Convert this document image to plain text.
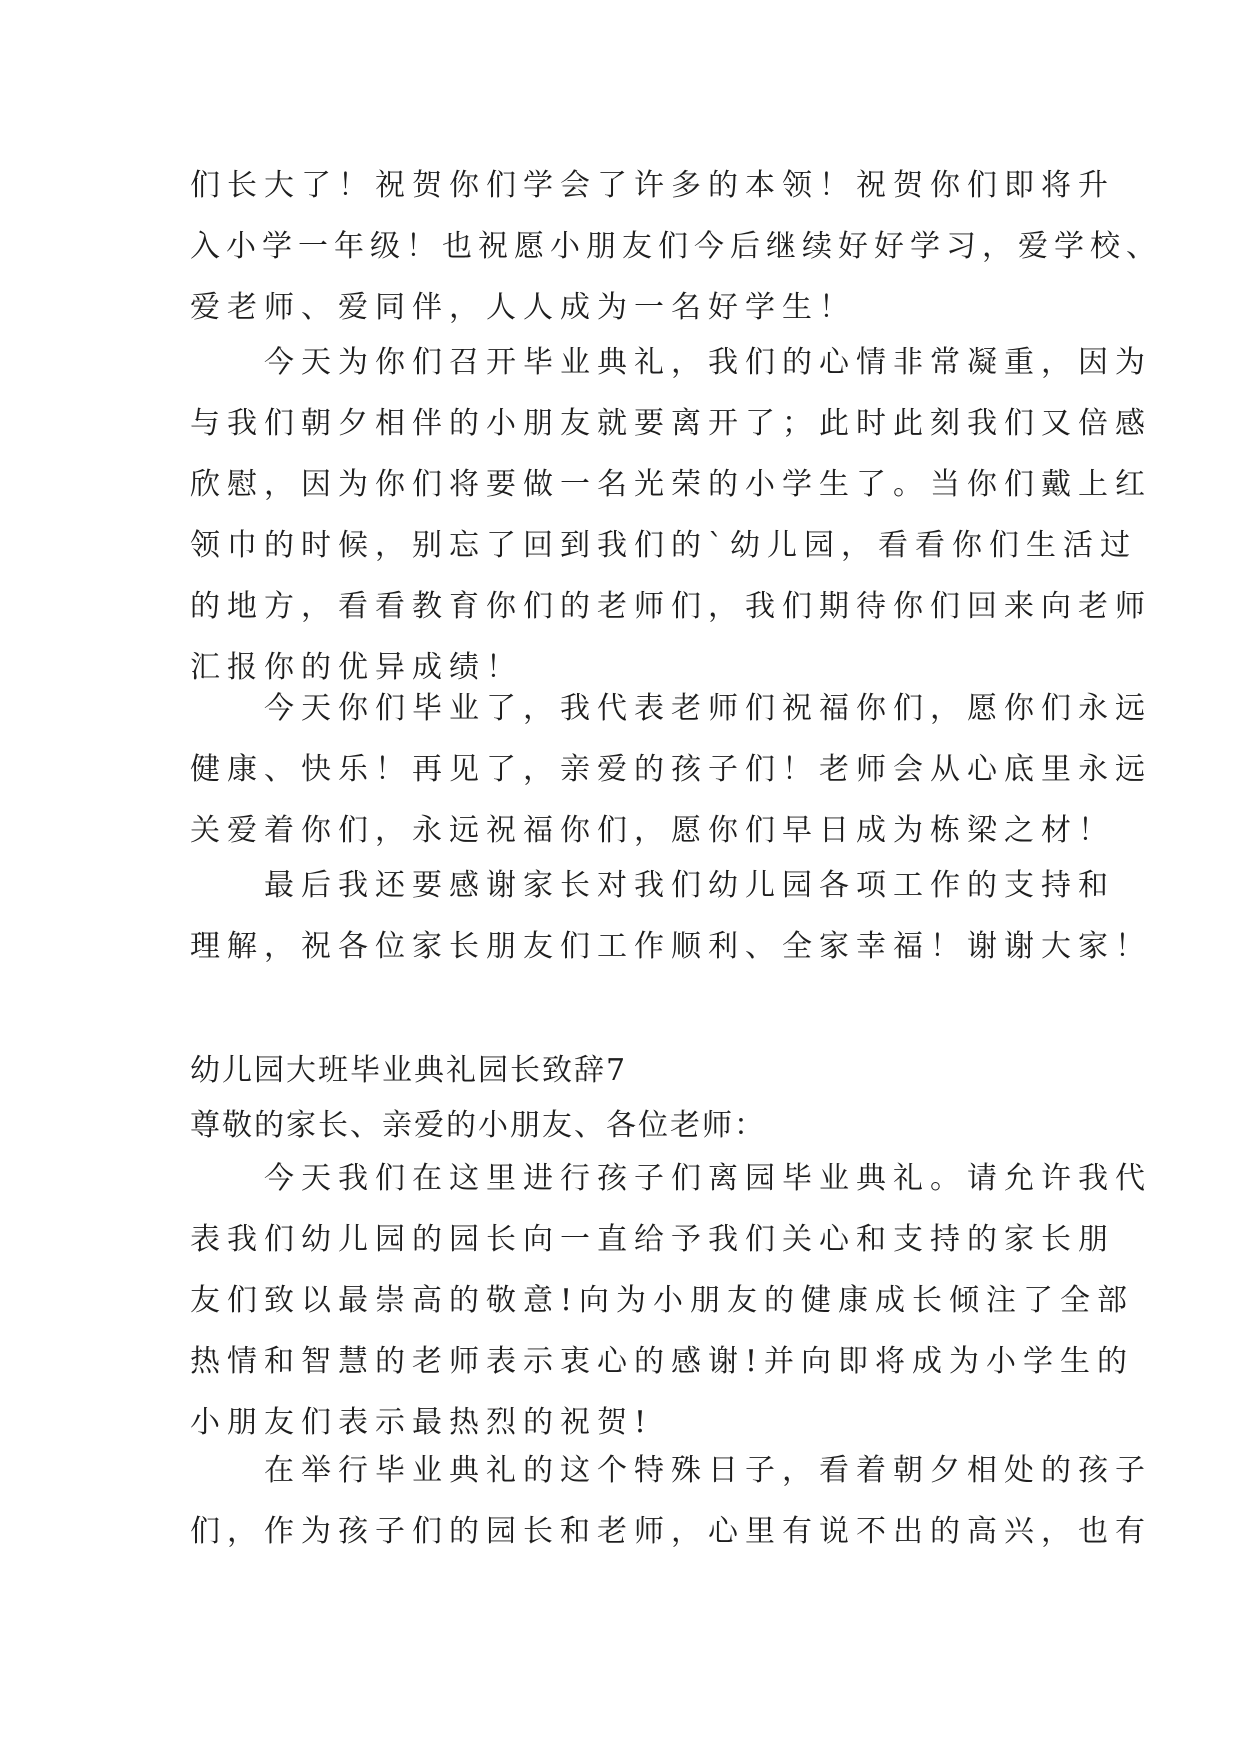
们长大了！祝贺你们学会了许多的本领！祝贺你们即将升
入小学一年级！也祝愿小朋友们今后继续好好学习，爱学校、
爱老师、爱同伴，人人成为一名好学生！
　　今天为你们召开毕业典礼，我们的心情非常凝重，因为
与我们朝夕相伴的小朋友就要离开了；此时此刻我们又倍感
欣慰，因为你们将要做一名光荣的小学生了。当你们戴上红
领巾的时候，别忘了回到我们的`幼儿园，看看你们生活过
的地方，看看教育你们的老师们，我们期待你们回来向老师
汇报你的优异成绩！
　　今天你们毕业了，我代表老师们祝福你们，愿你们永远
健康、快乐！再见了，亲爱的孩子们！老师会从心底里永远
关爱着你们，永远祝福你们，愿你们早日成为栋梁之材！
　　最后我还要感谢家长对我们幼儿园各项工作的支持和
理解，祝各位家长朋友们工作顺利、全家幸福！谢谢大家！
幼儿园大班毕业典礼园长致辞7
尊敬的家长、亲爱的小朋友、各位老师：
　　今天我们在这里进行孩子们离园毕业典礼。请允许我代
表我们幼儿园的园长向一直给予我们关心和支持的家长朋
友们致以最崇高的敬意!向为小朋友的健康成长倾注了全部
热情和智慧的老师表示衷心的感谢!并向即将成为小学生的
小朋友们表示最热烈的祝贺!
　　在举行毕业典礼的这个特殊日子，看着朝夕相处的孩子
们，作为孩子们的园长和老师，心里有说不出的高兴，也有
